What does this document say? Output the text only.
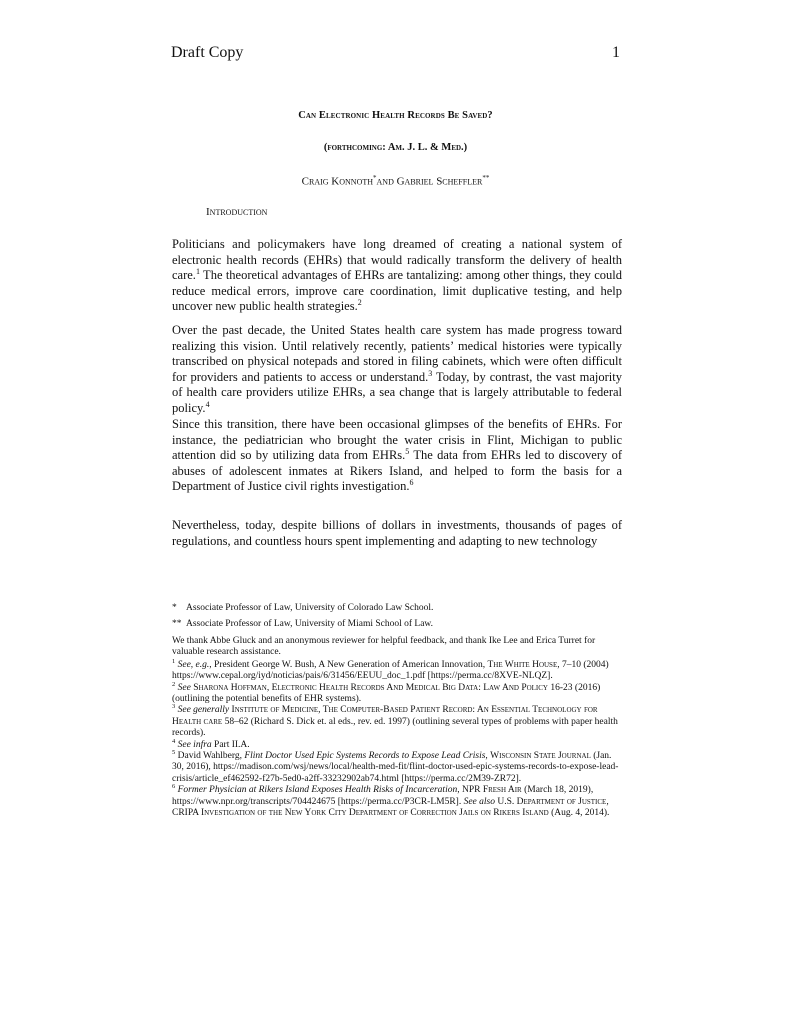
Draft Copy	1
Can Electronic Health Records Be Saved?
(forthcoming: Am. J. L. & Med.)
Craig Konnoth*and Gabriel Scheffler**
Introduction
Politicians and policymakers have long dreamed of creating a national system of electronic health records (EHRs) that would radically transform the delivery of health care.$^1$ The theoretical advantages of EHRs are tantalizing: among other things, they could reduce medical errors, improve care coordination, limit duplicative testing, and help uncover new public health strategies.$^2$
Over the past decade, the United States health care system has made progress toward realizing this vision. Until relatively recently, patients’ medical histories were typically transcribed on physical notepads and stored in filing cabinets, which were often difficult for providers and patients to access or understand.$^3$ Today, by contrast, the vast majority of health care providers utilize EHRs, a sea change that is largely attributable to federal policy.$^4$
Since this transition, there have been occasional glimpses of the benefits of EHRs. For instance, the pediatrician who brought the water crisis in Flint, Michigan to public attention did so by utilizing data from EHRs.$^5$ The data from EHRs led to discovery of abuses of adolescent inmates at Rikers Island, and helped to form the basis for a Department of Justice civil rights investigation.$^6$
Nevertheless, today, despite billions of dollars in investments, thousands of pages of regulations, and countless hours spent implementing and adapting to new technology
* Associate Professor of Law, University of Colorado Law School.
** Associate Professor of Law, University of Miami School of Law.

We thank Abbe Gluck and an anonymous reviewer for helpful feedback, and thank Ike Lee and Erica Turret for valuable research assistance.

$^1$ See, e.g., President George W. Bush, A New Generation of American Innovation, The White House, 7–10 (2004) https://www.cepal.org/iyd/noticias/pais/6/31456/EEUU_doc_1.pdf [https://perma.cc/8XVE-NLQZ].

$^2$ See Sharona Hoffman, Electronic Health Records And Medical Big Data: Law And Policy 16-23 (2016) (outlining the potential benefits of EHR systems).

$^3$ See generally Institute of Medicine, The Computer-Based Patient Record: An Essential Technology for Health care 58–62 (Richard S. Dick et. al eds., rev. ed. 1997) (outlining several types of problems with paper health records).

$^4$ See infra Part II.A.

$^5$ David Wahlberg, Flint Doctor Used Epic Systems Records to Expose Lead Crisis, Wisconsin State Journal (Jan. 30, 2016), https://madison.com/wsj/news/local/health-med-fit/flint-doctor-used-epic-systems-records-to-expose-lead-crisis/article_ef462592-f27b-5ed0-a2ff-33232902ab74.html [https://perma.cc/2M39-ZR72].

$^6$ Former Physician at Rikers Island Exposes Health Risks of Incarceration, NPR Fresh Air (March 18, 2019), https://www.npr.org/transcripts/704424675 [https://perma.cc/P3CR-LM5R]. See also U.S. Department of Justice, CRIPA Investigation of the New York City Department of Correction Jails on Rikers Island (Aug. 4, 2014).
